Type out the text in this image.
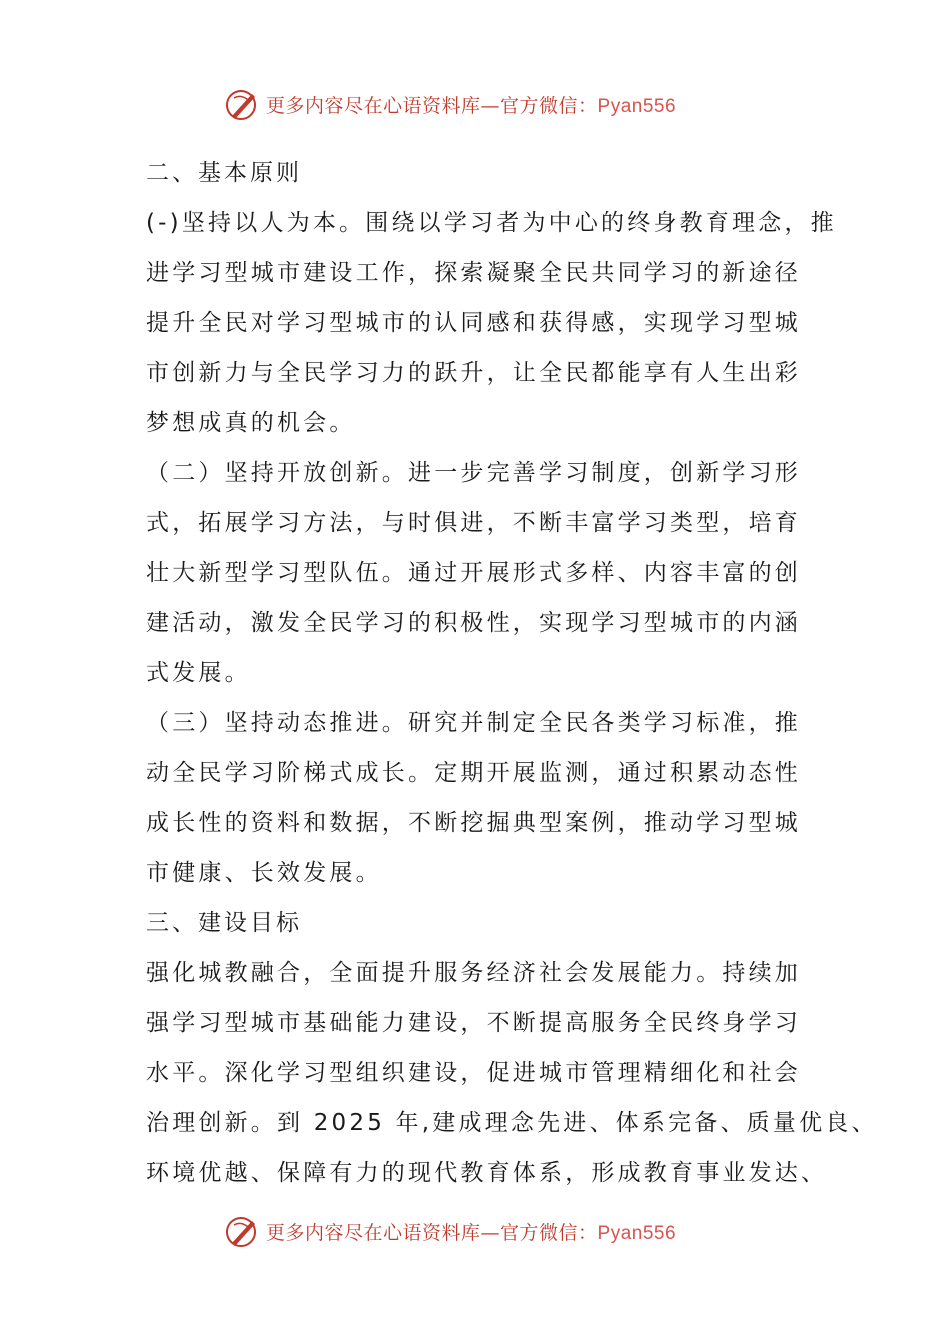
更多内容尽在心语资料库—官方微信：Pyan556
二、基本原则
(-)坚持以人为本。围绕以学习者为中心的终身教育理念，推
进学习型城市建设工作，探索凝聚全民共同学习的新途径
提升全民对学习型城市的认同感和获得感，实现学习型城
市创新力与全民学习力的跃升，让全民都能享有人生出彩
梦想成真的机会。
（二）坚持开放创新。进一步完善学习制度，创新学习形
式，拓展学习方法，与时俱进，不断丰富学习类型，培育
壮大新型学习型队伍。通过开展形式多样、内容丰富的创
建活动，激发全民学习的积极性，实现学习型城市的内涵
式发展。
（三）坚持动态推进。研究并制定全民各类学习标准，推
动全民学习阶梯式成长。定期开展监测，通过积累动态性
成长性的资料和数据，不断挖掘典型案例，推动学习型城
市健康、长效发展。
三、建设目标
强化城教融合，全面提升服务经济社会发展能力。持续加
强学习型城市基础能力建设，不断提高服务全民终身学习
水平。深化学习型组织建设，促进城市管理精细化和社会
治理创新。到 2025 年,建成理念先进、体系完备、质量优良、
环境优越、保障有力的现代教育体系，形成教育事业发达、
更多内容尽在心语资料库—官方微信：Pyan556
